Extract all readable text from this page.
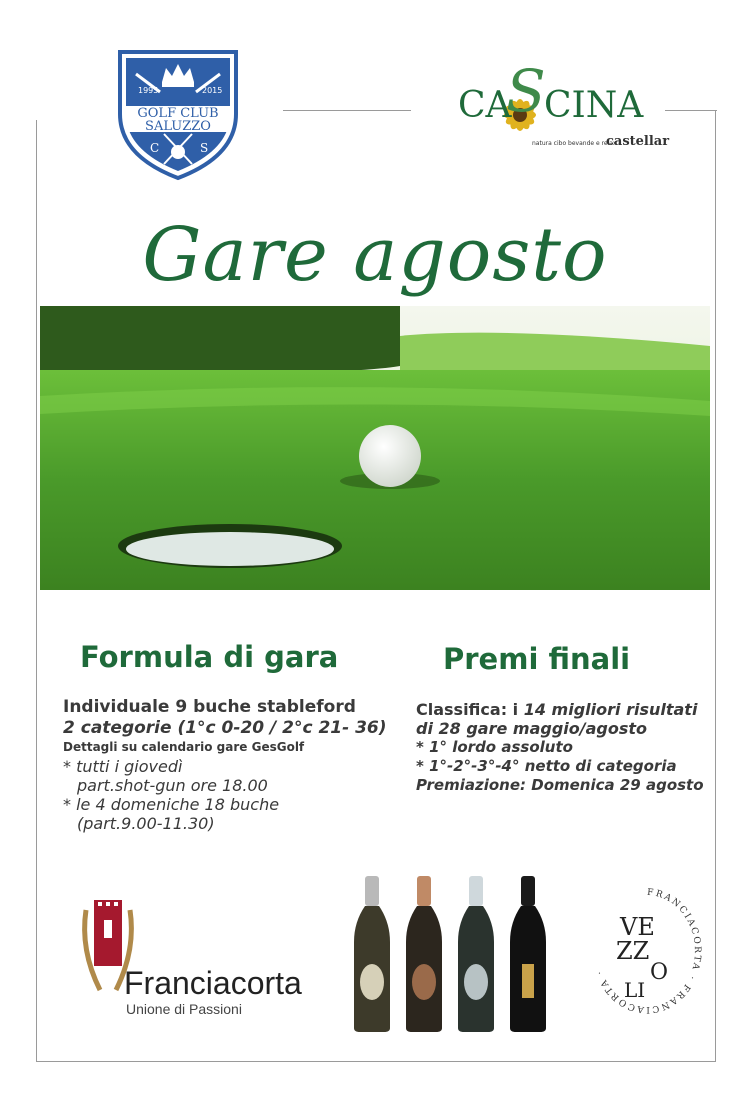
1995	2015
GOLF CLUB
SALUZZO
C	S
CA
S
CINA
natura cibo bevande e relax
castellar
Gare agosto
Formula di gara	Premi finali
Individuale 9 buche stableford
2 categorie (1°c 0-20 / 2°c 21- 36)
Dettagli su calendario gare GesGolf
* tutti i giovedì
part.shot-gun ore 18.00
* le 4 domeniche 18 buche
(part.9.00-11.30)
Classifica: i 14 migliori risultati
di 28 gare maggio/agosto
* 1° lordo assoluto
* 1°-2°-3°-4° netto di categoria
Premiazione: Domenica 29 agosto
Franciacorta
Unione di Passioni
FRANCIACORTA · FRANCIACORTA ·
VE
ZZ
O
LI
